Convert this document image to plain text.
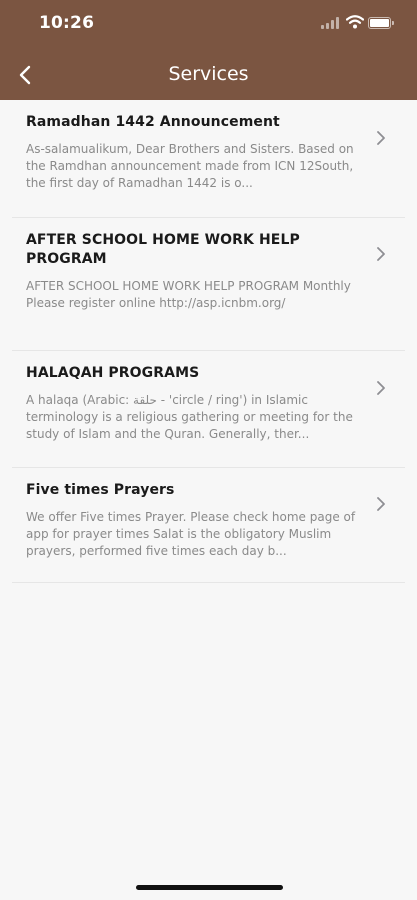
10:26
Services
Ramadhan 1442 Announcement
As-salamualikum, Dear Brothers and Sisters. Based on the Ramdhan announcement made from ICN 12South, the first day of Ramadhan 1442 is o...
AFTER SCHOOL HOME WORK HELP PROGRAM
AFTER SCHOOL HOME WORK HELP PROGRAM Monthly Please register online http://asp.icnbm.org/
HALAQAH PROGRAMS
A halaqa (Arabic: حلقة‎ - 'circle / ring') in Islamic terminology is a religious gathering or meeting for the study of Islam and the Quran. Generally, ther...
Five times Prayers
We offer Five times Prayer. Please check home page of app for prayer times Salat is the obligatory Muslim prayers, performed five times each day b...
